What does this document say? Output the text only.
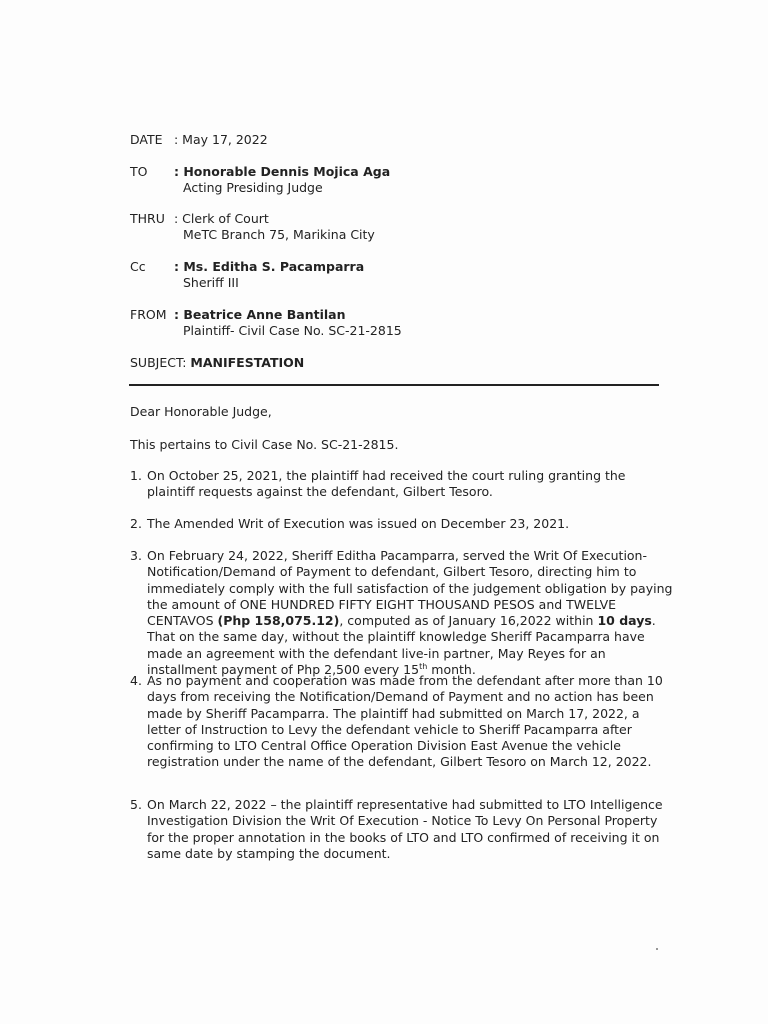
DATE : May 17, 2022
TO : Honorable Dennis Mojica Aga
Acting Presiding Judge
THRU : Clerk of Court
MeTC Branch 75, Marikina City
Cc : Ms. Editha S. Pacamparra
Sheriff III
FROM : Beatrice Anne Bantilan
Plaintiff- Civil Case No. SC-21-2815
SUBJECT: MANIFESTATION
Dear Honorable Judge,
This pertains to Civil Case No. SC-21-2815.
1. On October 25, 2021, the plaintiff had received the court ruling granting the plaintiff requests against the defendant, Gilbert Tesoro.
2. The Amended Writ of Execution was issued on December 23, 2021.
3. On February 24, 2022, Sheriff Editha Pacamparra, served the Writ Of Execution- Notification/Demand of Payment to defendant, Gilbert Tesoro, directing him to immediately comply with the full satisfaction of the judgement obligation by paying the amount of ONE HUNDRED FIFTY EIGHT THOUSAND PESOS and TWELVE CENTAVOS (Php 158,075.12), computed as of January 16,2022 within 10 days. That on the same day, without the plaintiff knowledge Sheriff Pacamparra have made an agreement with the defendant live-in partner, May Reyes for an installment payment of Php 2,500 every 15th month.
4. As no payment and cooperation was made from the defendant after more than 10 days from receiving the Notification/Demand of Payment and no action has been made by Sheriff Pacamparra. The plaintiff had submitted on March 17, 2022, a letter of Instruction to Levy the defendant vehicle to Sheriff Pacamparra after confirming to LTO Central Office Operation Division East Avenue the vehicle registration under the name of the defendant, Gilbert Tesoro on March 12, 2022.
5. On March 22, 2022 – the plaintiff representative had submitted to LTO Intelligence Investigation Division the Writ Of Execution - Notice To Levy On Personal Property for the proper annotation in the books of LTO and LTO confirmed of receiving it on same date by stamping the document.
